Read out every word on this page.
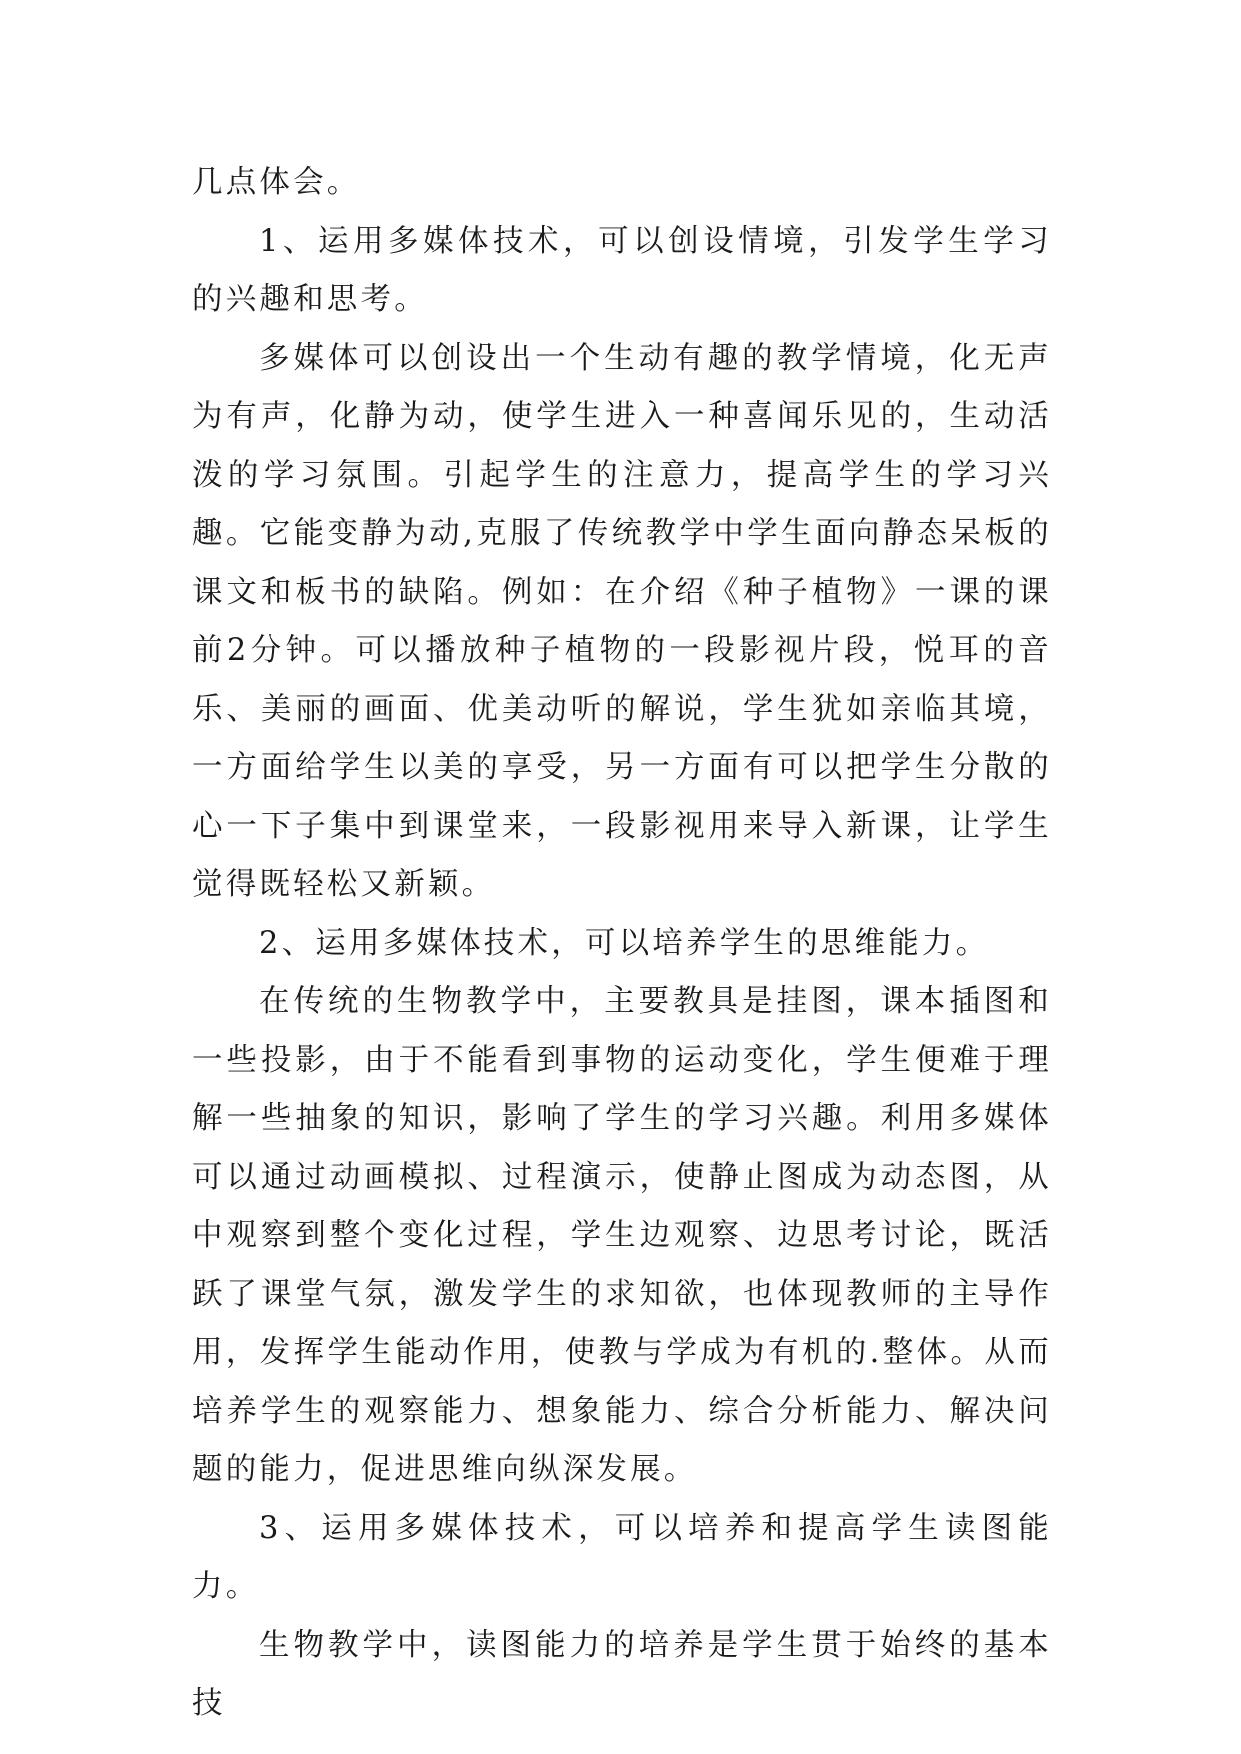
几点体会。

1、运用多媒体技术，可以创设情境，引发学生学习的兴趣和思考。

多媒体可以创设出一个生动有趣的教学情境，化无声为有声，化静为动，使学生进入一种喜闻乐见的，生动活泼的学习氛围。引起学生的注意力，提高学生的学习兴趣。它能变静为动,克服了传统教学中学生面向静态呆板的课文和板书的缺陷。例如：在介绍《种子植物》一课的课前2分钟。可以播放种子植物的一段影视片段，悦耳的音乐、美丽的画面、优美动听的解说，学生犹如亲临其境，一方面给学生以美的享受，另一方面有可以把学生分散的心一下子集中到课堂来，一段影视用来导入新课，让学生觉得既轻松又新颖。

2、运用多媒体技术，可以培养学生的思维能力。

在传统的生物教学中，主要教具是挂图，课本插图和一些投影，由于不能看到事物的运动变化，学生便难于理解一些抽象的知识，影响了学生的学习兴趣。利用多媒体可以通过动画模拟、过程演示，使静止图成为动态图，从中观察到整个变化过程，学生边观察、边思考讨论，既活跃了课堂气氛，激发学生的求知欲，也体现教师的主导作用，发挥学生能动作用，使教与学成为有机的.整体。从而培养学生的观察能力、想象能力、综合分析能力、解决问题的能力，促进思维向纵深发展。

3、运用多媒体技术，可以培养和提高学生读图能力。

生物教学中，读图能力的培养是学生贯于始终的基本技
